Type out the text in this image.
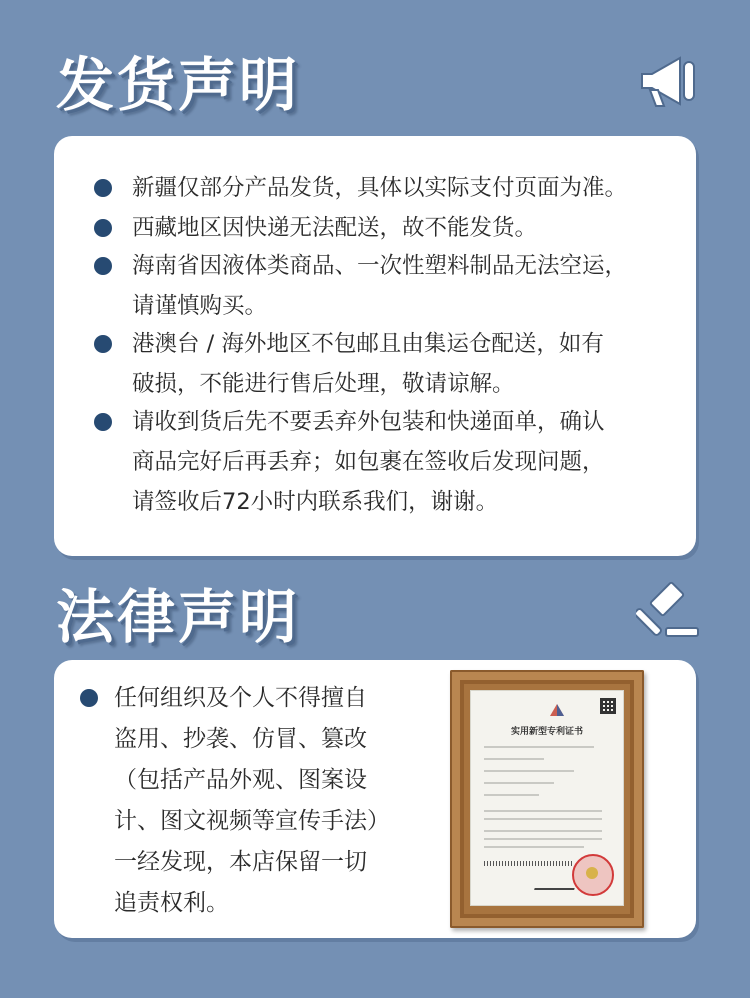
发货声明
新疆仅部分产品发货，具体以实际支付页面为准。
西藏地区因快递无法配送，故不能发货。
海南省因液体类商品、一次性塑料制品无法空运，
请谨慎购买。
港澳台 / 海外地区不包邮且由集运仓配送，如有
破损，不能进行售后处理，敬请谅解。
请收到货后先不要丢弃外包装和快递面单，确认
商品完好后再丢弃；如包裹在签收后发现问题，
请签收后72小时内联系我们，谢谢。
法律声明
任何组织及个人不得擅自
盗用、抄袭、仿冒、篡改
（包括产品外观、图案设
计、图文视频等宣传手法）
一经发现，本店保留一切
追责权利。
实用新型专利证书
